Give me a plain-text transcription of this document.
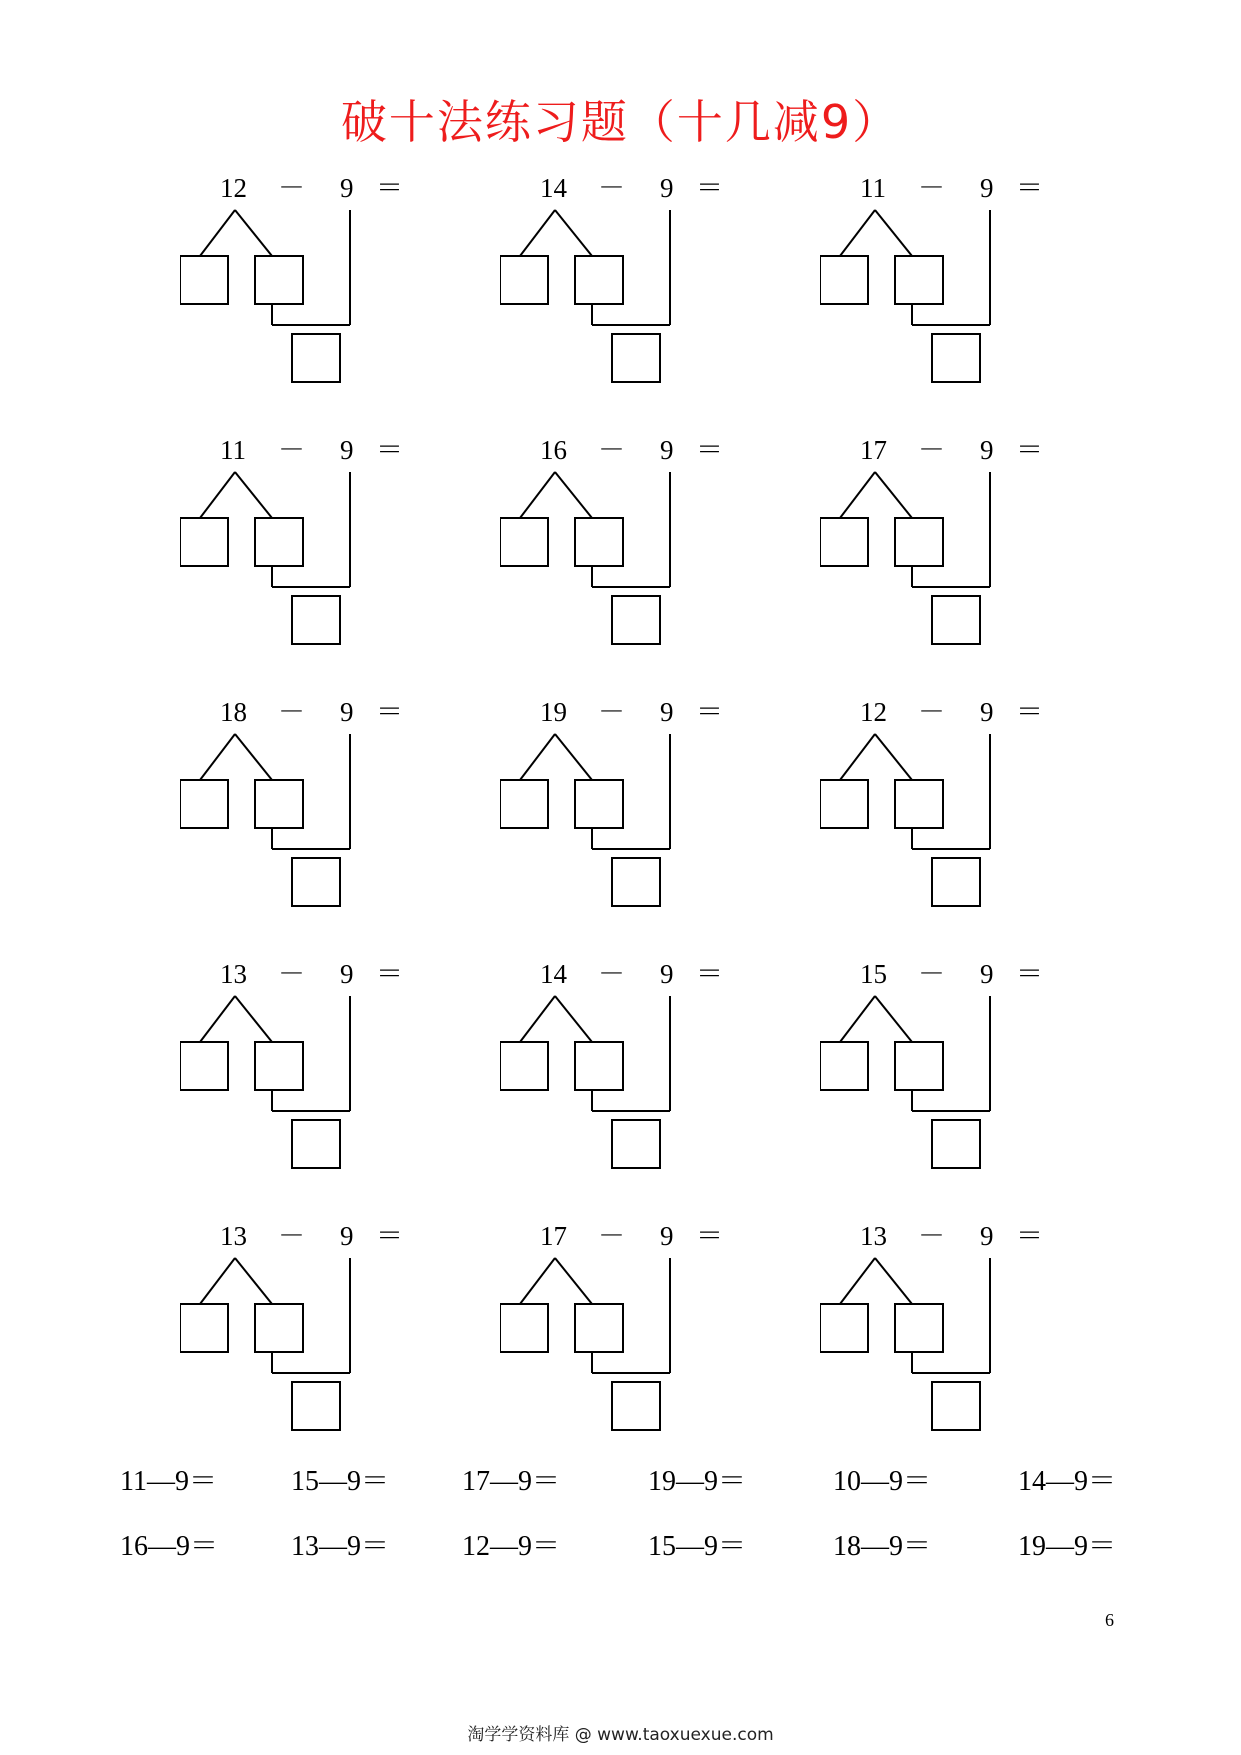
破十法练习题（十几减9）
12 － 9 ＝	14 － 9 ＝	11 － 9 ＝
11 － 9 ＝	16 － 9 ＝	17 － 9 ＝
18 － 9 ＝	19 － 9 ＝	12 － 9 ＝
13 － 9 ＝	14 － 9 ＝	15 － 9 ＝
13 － 9 ＝	17 － 9 ＝	13 － 9 ＝
11—9＝	15—9＝	17—9＝	19—9＝	10—9＝	14—9＝
16—9＝	13—9＝	12—9＝	15—9＝	18—9＝	19—9＝
6
淘学学资料库 @ www.taoxuexue.com
